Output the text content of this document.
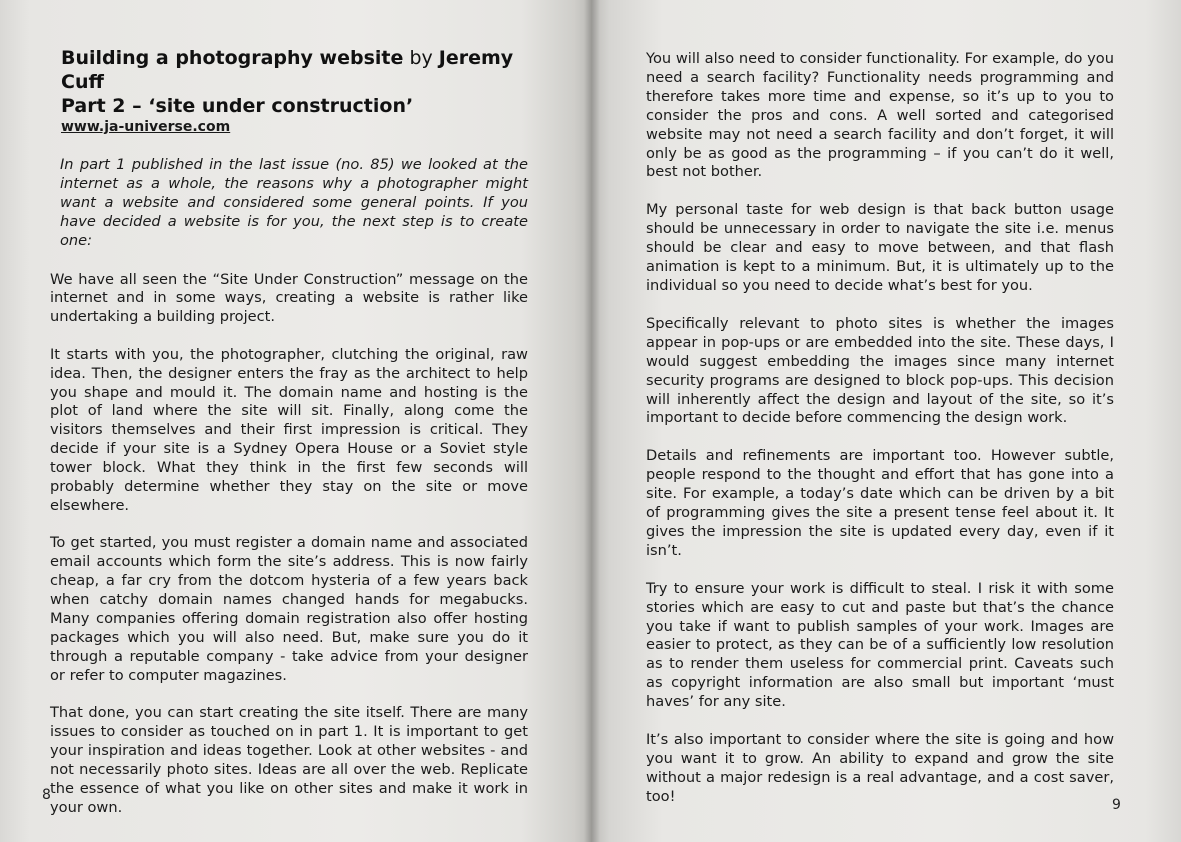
Building a photography website by Jeremy Cuff
Part 2 – ‘site under construction’
www.ja-universe.com

In part 1 published in the last issue (no. 85) we looked at the internet as a whole, the reasons why a photographer might want a website and considered some general points. If you have decided a website is for you, the next step is to create one:

We have all seen the “Site Under Construction” message on the internet and in some ways, creating a website is rather like undertaking a building project.

It starts with you, the photographer, clutching the original, raw idea. Then, the designer enters the fray as the architect to help you shape and mould it. The domain name and hosting is the plot of land where the site will sit. Finally, along come the visitors themselves and their first impression is critical. They decide if your site is a Sydney Opera House or a Soviet style tower block. What they think in the first few seconds will probably determine whether they stay on the site or move elsewhere.

To get started, you must register a domain name and associated email accounts which form the site’s address. This is now fairly cheap, a far cry from the dotcom hysteria of a few years back when catchy domain names changed hands for megabucks. Many companies offering domain registration also offer hosting packages which you will also need. But, make sure you do it through a reputable company - take advice from your designer or refer to computer magazines.

That done, you can start creating the site itself. There are many issues to consider as touched on in part 1. It is important to get your inspiration and ideas together. Look at other websites - and not necessarily photo sites. Ideas are all over the web. Replicate the essence of what you like on other sites and make it work in your own.

8

You will also need to consider functionality. For example, do you need a search facility? Functionality needs programming and therefore takes more time and expense, so it’s up to you to consider the pros and cons. A well sorted and categorised website may not need a search facility and don’t forget, it will only be as good as the programming – if you can’t do it well, best not bother.

My personal taste for web design is that back button usage should be unnecessary in order to navigate the site i.e. menus should be clear and easy to move between, and that flash animation is kept to a minimum. But, it is ultimately up to the individual so you need to decide what’s best for you.

Specifically relevant to photo sites is whether the images appear in pop-ups or are embedded into the site. These days, I would suggest embedding the images since many internet security programs are designed to block pop-ups. This decision will inherently affect the design and layout of the site, so it’s important to decide before commencing the design work.

Details and refinements are important too. However subtle, people respond to the thought and effort that has gone into a site. For example, a today’s date which can be driven by a bit of programming gives the site a present tense feel about it. It gives the impression the site is updated every day, even if it isn’t.

Try to ensure your work is difficult to steal. I risk it with some stories which are easy to cut and paste but that’s the chance you take if want to publish samples of your work. Images are easier to protect, as they can be of a sufficiently low resolution as to render them useless for commercial print. Caveats such as copyright information are also small but important ‘must haves’ for any site.

It’s also important to consider where the site is going and how you want it to grow. An ability to expand and grow the site without a major redesign is a real advantage, and a cost saver, too!

9
